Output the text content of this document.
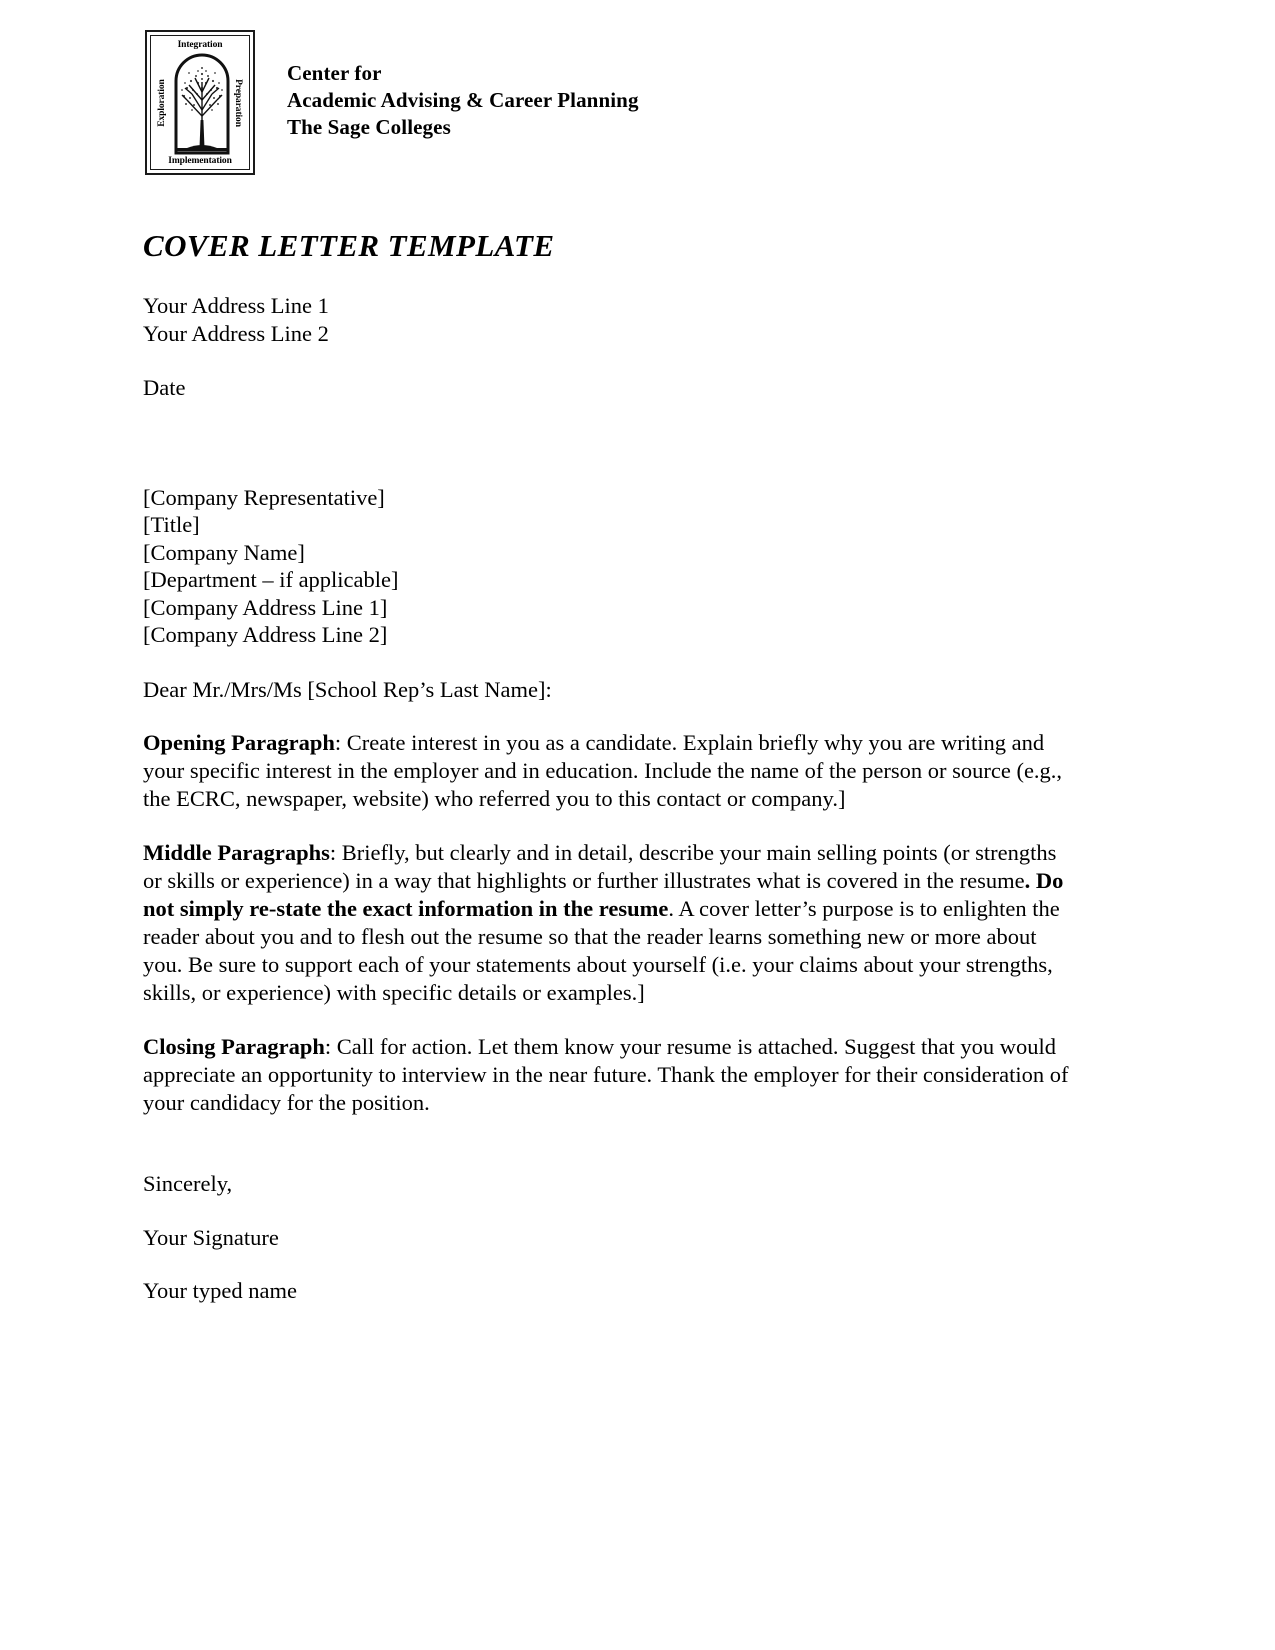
Integration
Exploration	Preparation
Implementation
Center for
Academic Advising & Career Planning
The Sage Colleges
COVER LETTER TEMPLATE
Your Address Line 1
Your Address Line 2
Date
[Company Representative]
[Title]
[Company Name]
[Department – if applicable]
[Company Address Line 1]
[Company Address Line 2]
Dear Mr./Mrs/Ms [School Rep’s Last Name]:

Opening Paragraph: Create interest in you as a candidate. Explain briefly why you are writing and your specific interest in the employer and in education. Include the name of the person or source (e.g., the ECRC, newspaper, website) who referred you to this contact or company.]

Middle Paragraphs: Briefly, but clearly and in detail, describe your main selling points (or strengths or skills or experience) in a way that highlights or further illustrates what is covered in the resume. Do not simply re-state the exact information in the resume. A cover letter’s purpose is to enlighten the reader about you and to flesh out the resume so that the reader learns something new or more about you. Be sure to support each of your statements about yourself (i.e. your claims about your strengths, skills, or experience) with specific details or examples.]

Closing Paragraph: Call for action. Let them know your resume is attached. Suggest that you would appreciate an opportunity to interview in the near future. Thank the employer for their consideration of your candidacy for the position.

Sincerely,
Your Signature
Your typed name
